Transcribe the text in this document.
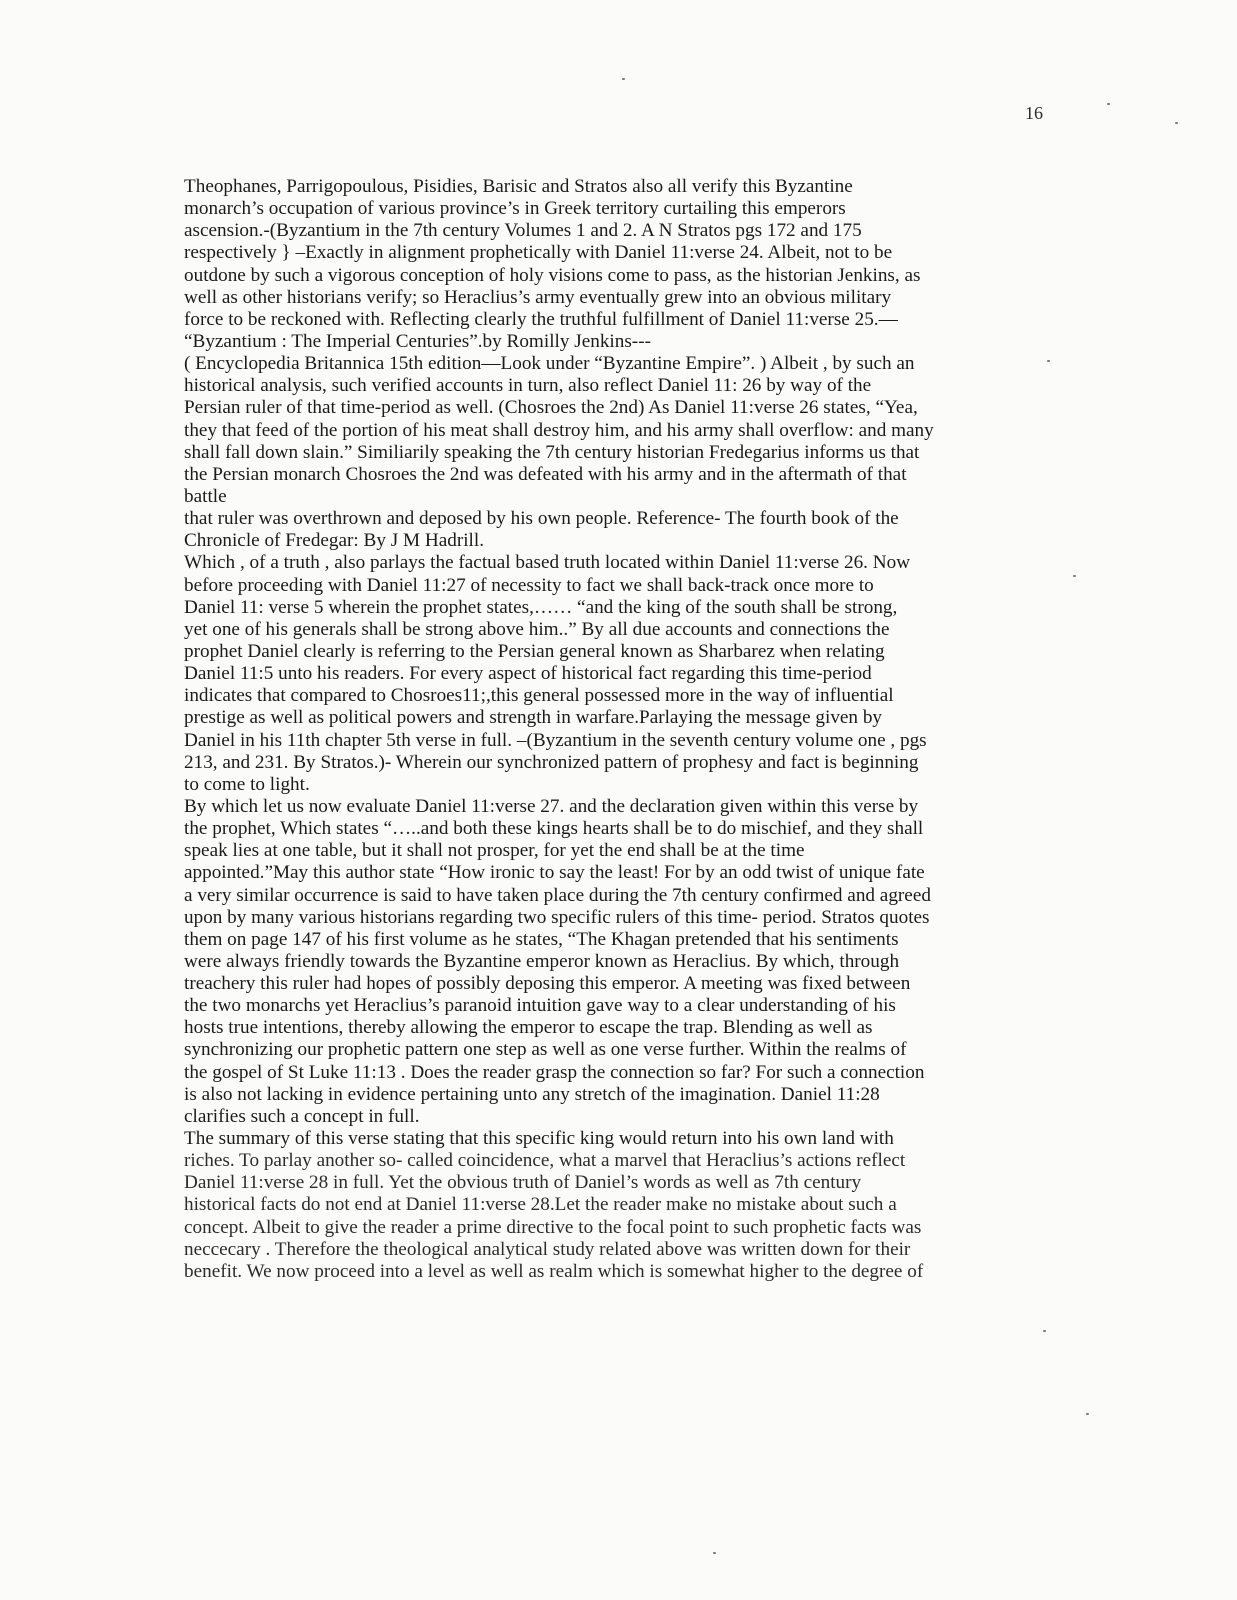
16
Theophanes, Parrigopoulous, Pisidies, Barisic and Stratos also all verify this Byzantine
monarch’s occupation of various province’s in Greek territory curtailing this emperors
ascension.-(Byzantium in the 7th century Volumes 1 and 2. A N Stratos pgs 172 and 175
respectively } –Exactly in alignment prophetically with Daniel 11:verse 24. Albeit, not to be
outdone by such a vigorous conception of holy visions come to pass, as the historian Jenkins, as
well as other historians verify; so Heraclius’s army eventually grew into an obvious military
force to be reckoned with. Reflecting clearly the truthful fulfillment of Daniel 11:verse 25.—
“Byzantium : The Imperial Centuries”.by Romilly Jenkins---
( Encyclopedia Britannica 15th edition—Look under “Byzantine Empire”. ) Albeit , by such an
historical analysis, such verified accounts in turn, also reflect Daniel 11: 26 by way of the
Persian ruler of that time-period as well. (Chosroes the 2nd) As Daniel 11:verse 26 states, “Yea,
they that feed of the portion of his meat shall destroy him, and his army shall overflow: and many
shall fall down slain.” Similiarily speaking the 7th century historian Fredegarius informs us that
the Persian monarch Chosroes the 2nd was defeated with his army and in the aftermath of that
battle
that ruler was overthrown and deposed by his own people. Reference- The fourth book of the
Chronicle of Fredegar: By J M Hadrill.
Which , of a truth , also parlays the factual based truth located within Daniel 11:verse 26. Now
before proceeding with Daniel 11:27 of necessity to fact we shall back-track once more to
Daniel 11: verse 5 wherein the prophet states,…… “and the king of the south shall be strong,
yet one of his generals shall be strong above him..” By all due accounts and connections the
prophet Daniel clearly is referring to the Persian general known as Sharbarez when relating
Daniel 11:5 unto his readers. For every aspect of historical fact regarding this time-period
indicates that compared to Chosroes11;,this general possessed more in the way of influential
prestige as well as political powers and strength in warfare.Parlaying the message given by
Daniel in his 11th chapter 5th verse in full. –(Byzantium in the seventh century volume one , pgs
213, and 231. By Stratos.)- Wherein our synchronized pattern of prophesy and fact is beginning
to come to light.
By which let us now evaluate Daniel 11:verse 27. and the declaration given within this verse by
the prophet, Which states “…..and both these kings hearts shall be to do mischief, and they shall
speak lies at one table, but it shall not prosper, for yet the end shall be at the time
appointed.”May this author state “How ironic to say the least! For by an odd twist of unique fate
a very similar occurrence is said to have taken place during the 7th century confirmed and agreed
upon by many various historians regarding two specific rulers of this time- period. Stratos quotes
them on page 147 of his first volume as he states, “The Khagan pretended that his sentiments
were always friendly towards the Byzantine emperor known as Heraclius. By which, through
treachery this ruler had hopes of possibly deposing this emperor. A meeting was fixed between
the two monarchs yet Heraclius’s paranoid intuition gave way to a clear understanding of his
hosts true intentions, thereby allowing the emperor to escape the trap. Blending as well as
synchronizing our prophetic pattern one step as well as one verse further. Within the realms of
the gospel of St Luke 11:13 . Does the reader grasp the connection so far? For such a connection
is also not lacking in evidence pertaining unto any stretch of the imagination. Daniel 11:28
clarifies such a concept in full.
The summary of this verse stating that this specific king would return into his own land with
riches. To parlay another so- called coincidence, what a marvel that Heraclius’s actions reflect
Daniel 11:verse 28 in full. Yet the obvious truth of Daniel’s words as well as 7th century
historical facts do not end at Daniel 11:verse 28.Let the reader make no mistake about such a
concept. Albeit to give the reader a prime directive to the focal point to such prophetic facts was
neccecary . Therefore the theological analytical study related above was written down for their
benefit. We now proceed into a level as well as realm which is somewhat higher to the degree of
